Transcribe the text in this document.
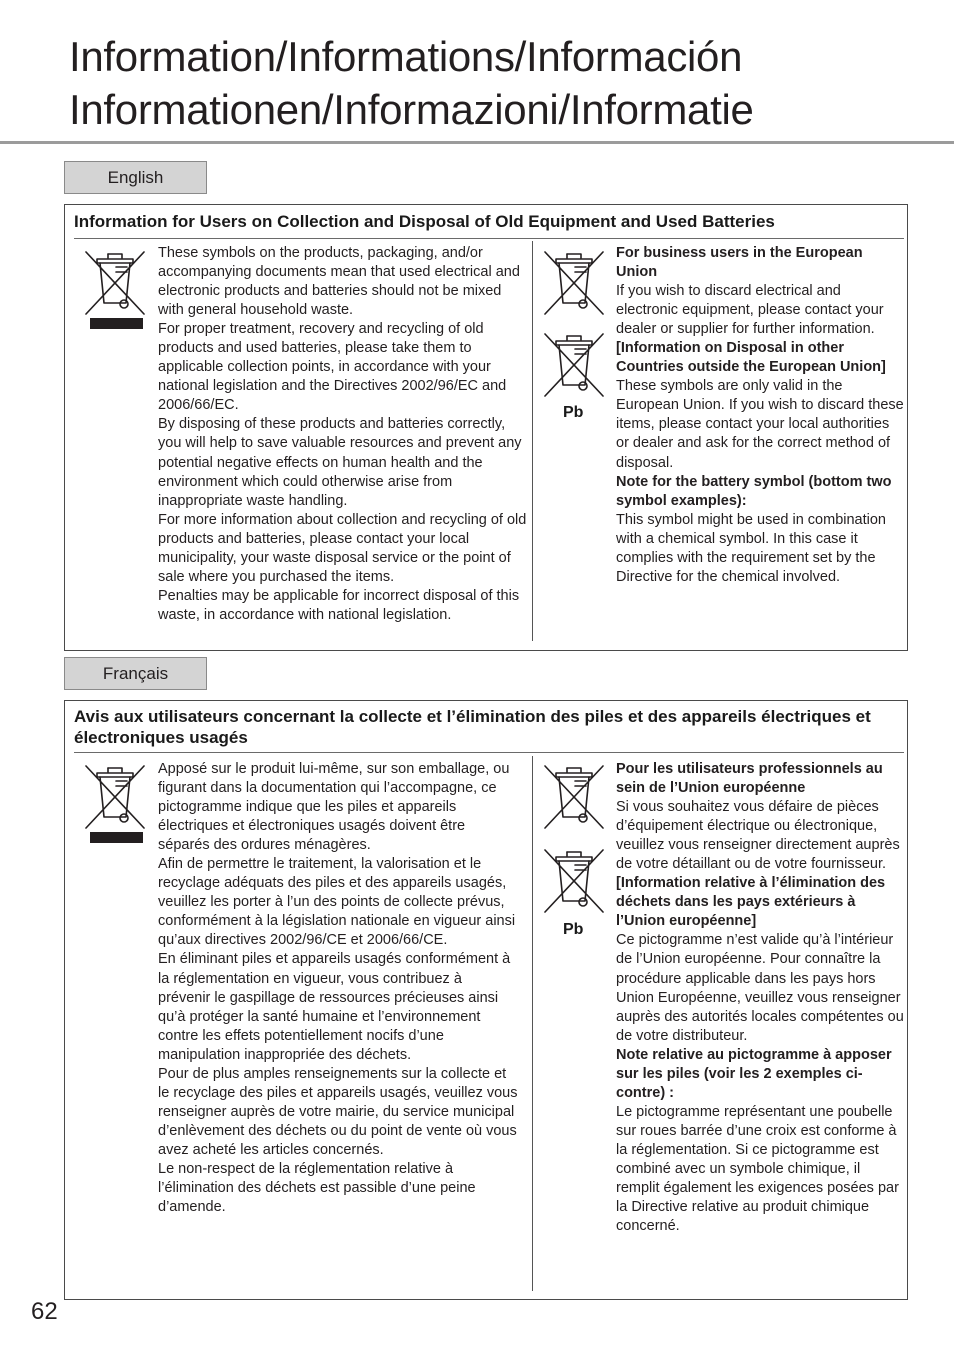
Information/Informations/Información
Informationen/Informazioni/Informatie
English
Information for Users on Collection and Disposal of Old Equipment and Used Batteries

These symbols on the products, packaging, and/or accompanying documents mean that used electrical and electronic products and batteries should not be mixed with general household waste.

For proper treatment, recovery and recycling of old products and used batteries, please take them to applicable collection points, in accordance with your national legislation and the Directives 2002/96/EC and 2006/66/EC.

By disposing of these products and batteries correctly, you will help to save valuable resources and prevent any potential negative effects on human health and the environment which could otherwise arise from inappropriate waste handling.

For more information about collection and recycling of old products and batteries, please contact your local municipality, your waste disposal service or the point of sale where you purchased the items.

Penalties may be applicable for incorrect disposal of this waste, in accordance with national legislation.

Pb

For business users in the European Union

If you wish to discard electrical and electronic equipment, please contact your dealer or supplier for further information.

[Information on Disposal in other Countries outside the European Union]

These symbols are only valid in the European Union. If you wish to discard these items, please contact your local authorities or dealer and ask for the correct method of disposal.

Note for the battery symbol (bottom two symbol examples):

This symbol might be used in combination with a chemical symbol. In this case it complies with the requirement set by the Directive for the chemical involved.

Français
Avis aux utilisateurs concernant la collecte et l’élimination des piles et des appareils électriques et électroniques usagés

Apposé sur le produit lui-même, sur son emballage, ou figurant dans la documentation qui l’accompagne, ce pictogramme indique que les piles et appareils électriques et électroniques usagés doivent être séparés des ordures ménagères.

Afin de permettre le traitement, la valorisation et le recyclage adéquats des piles et des appareils usagés, veuillez les porter à l’un des points de collecte prévus, conformément à la législation nationale en vigueur ainsi qu’aux directives 2002/96/CE et 2006/66/CE.

En éliminant piles et appareils usagés conformément à la réglementation en vigueur, vous contribuez à prévenir le gaspillage de ressources précieuses ainsi qu’à protéger la santé humaine et l’environnement contre les effets potentiellement nocifs d’une manipulation inappropriée des déchets.

Pour de plus amples renseignements sur la collecte et le recyclage des piles et appareils usagés, veuillez vous renseigner auprès de votre mairie, du service municipal d’enlèvement des déchets ou du point de vente où vous avez acheté les articles concernés.

Le non-respect de la réglementation relative à l’élimination des déchets est passible d’une peine d’amende.

Pb

Pour les utilisateurs professionnels au sein de l’Union européenne

Si vous souhaitez vous défaire de pièces d’équipement électrique ou électronique, veuillez vous renseigner directement auprès de votre détaillant ou de votre fournisseur.

[Information relative à l’élimination des déchets dans les pays extérieurs à l’Union européenne]

Ce pictogramme n’est valide qu’à l’intérieur de l’Union européenne. Pour connaître la procédure applicable dans les pays hors Union Européenne, veuillez vous renseigner auprès des autorités locales compétentes ou de votre distributeur.

Note relative au pictogramme à apposer sur les piles (voir les 2 exemples ci-contre) :

Le pictogramme représentant une poubelle sur roues barrée d’une croix est conforme à la réglementation. Si ce pictogramme est combiné avec un symbole chimique, il remplit également les exigences posées par la Directive relative au produit chimique concerné.

62
